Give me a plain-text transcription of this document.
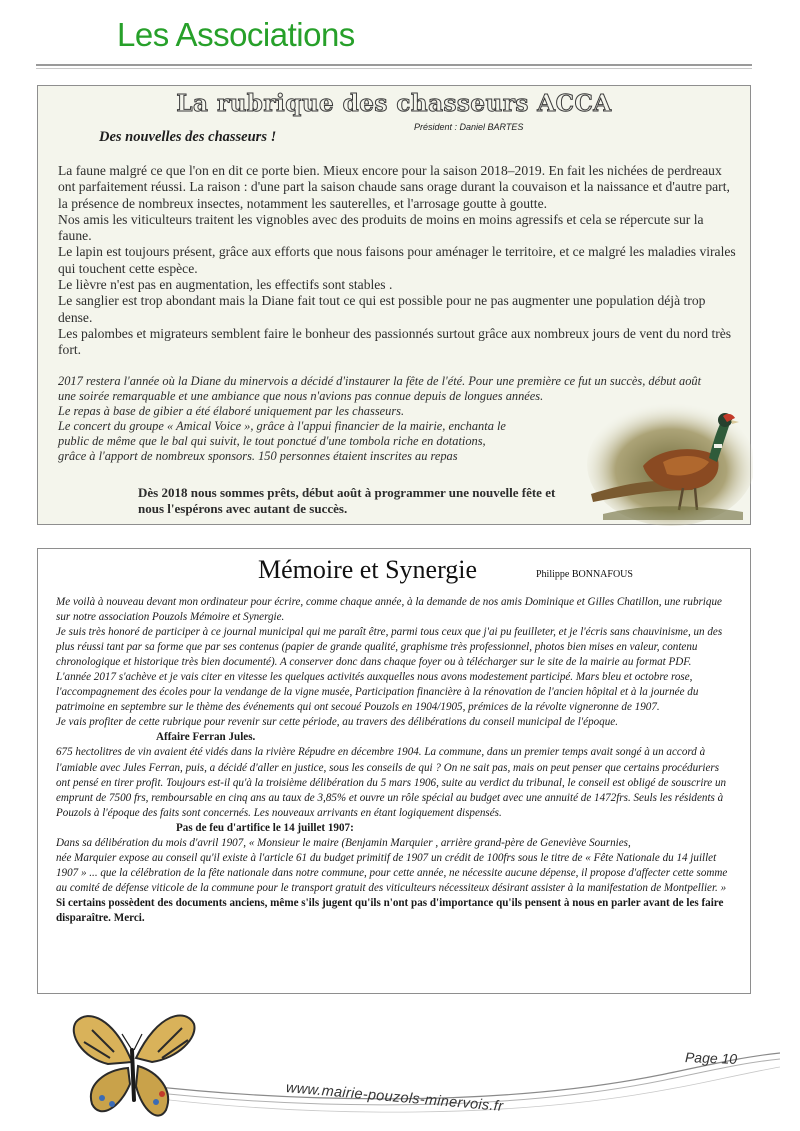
Les Associations
La rubrique des chasseurs ACCA

Président : Daniel BARTES

Des nouvelles des chasseurs !

La faune malgré ce que l'on en dit ce porte bien. Mieux encore pour la saison 2018–2019. En fait les nichées de perdreaux ont parfaitement réussi. La raison : d'une part la saison chaude sans orage durant la couvaison et la naissance et d'autre part, la présence de nombreux insectes, notamment les sauterelles, et l'arrosage goutte à goutte.

Nos amis les viticulteurs traitent les vignobles avec des produits de moins en moins agressifs et cela se répercute sur la faune.

Le lapin est toujours présent, grâce aux efforts que nous faisons pour aménager le territoire, et ce malgré les maladies virales qui touchent cette espèce.

Le lièvre n'est pas en augmentation, les effectifs sont stables .

Le sanglier est trop abondant mais la Diane fait tout ce qui est possible pour ne pas augmenter une population déjà trop dense.

Les palombes et migrateurs semblent faire le bonheur des passionnés surtout grâce aux nombreux jours de vent du nord très fort.

2017 restera l'année où la Diane du minervois a décidé d'instaurer la fête de l'été. Pour une première ce fut un succès, début août

une soirée remarquable et une ambiance que nous n'avions pas connue depuis de longues années.

Le repas à base de gibier a été élaboré uniquement par les chasseurs.

Le concert du groupe « Amical Voice », grâce à l'appui financier de la mairie, enchanta le

public de même que le bal qui suivit, le tout ponctué d'une tombola riche en dotations,

grâce à l'apport de nombreux sponsors. 150 personnes étaient inscrites au repas

Dès 2018 nous sommes prêts, début août à programmer une nouvelle fête et

nous l'espérons avec autant de succès.

Mémoire et Synergie	Philippe BONNAFOUS

Me voilà à nouveau devant mon ordinateur pour écrire, comme chaque année, à la demande de nos amis Dominique et Gilles Chatillon, une rubrique sur notre association Pouzols Mémoire et Synergie.

Je suis très honoré de participer à ce journal municipal qui me paraît être, parmi tous ceux que j'ai pu feuilleter, et je l'écris sans chauvinisme, un des plus réussi tant par sa forme que par ses contenus (papier de grande qualité, graphisme très professionnel, photos bien mises en valeur, contenu chronologique et historique très bien documenté). A conserver donc dans chaque foyer ou à télécharger sur le site de la mairie au format PDF.

L'année 2017 s'achève et je vais citer en vitesse les quelques activités auxquelles nous avons modestement participé. Mars bleu et octobre rose, l'accompagnement des écoles pour la vendange de la vigne musée, Participation financière à la rénovation de l'ancien hôpital et à la journée du patrimoine en septembre sur le thème des événements qui ont secoué Pouzols en 1904/1905, prémices de la révolte vigneronne de 1907.

Je vais profiter de cette rubrique pour revenir sur cette période, au travers des délibérations du conseil municipal de l'époque.

Affaire Ferran Jules.

675 hectolitres de vin avaient été vidés dans la rivière Répudre en décembre 1904. La commune, dans un premier temps avait songé à un accord à l'amiable avec Jules Ferran, puis, a décidé d'aller en justice, sous les conseils de qui ? On ne sait pas, mais on peut penser que certains procéduriers ont pensé en tirer profit. Toujours est-il qu'à la troisième délibération du 5 mars 1906, suite au verdict du tribunal, le conseil est obligé de souscrire un emprunt de 7500 frs, remboursable en cinq ans au taux de 3,85% et ouvre un rôle spécial au budget avec une annuité de 1472frs. Seuls les résidents à Pouzols à l'époque des faits sont concernés. Les nouveaux arrivants en étant logiquement dispensés.

Pas de feu d'artifice le 14 juillet 1907:

Dans sa délibération du mois d'avril 1907, « Monsieur le maire (Benjamin Marquier , arrière grand-père de Geneviève Sournies,

née Marquier expose au conseil qu'il existe à l'article 61 du budget primitif de 1907 un crédit de 100frs sous le titre de « Fête Nationale du 14 juillet 1907 » ... que la célébration de la fête nationale dans notre commune, pour cette année, ne nécessite aucune dépense, il propose d'affecter cette somme au comité de défense viticole de la commune pour le transport gratuit des viticulteurs nécessiteux désirant assister à la manifestation de Montpellier. »

Si certains possèdent des documents anciens, même s'ils jugent qu'ils n'ont pas d'importance qu'ils pensent à nous en parler avant de les faire disparaître. Merci.

Page 10

www.mairie-pouzols-minervois.fr
